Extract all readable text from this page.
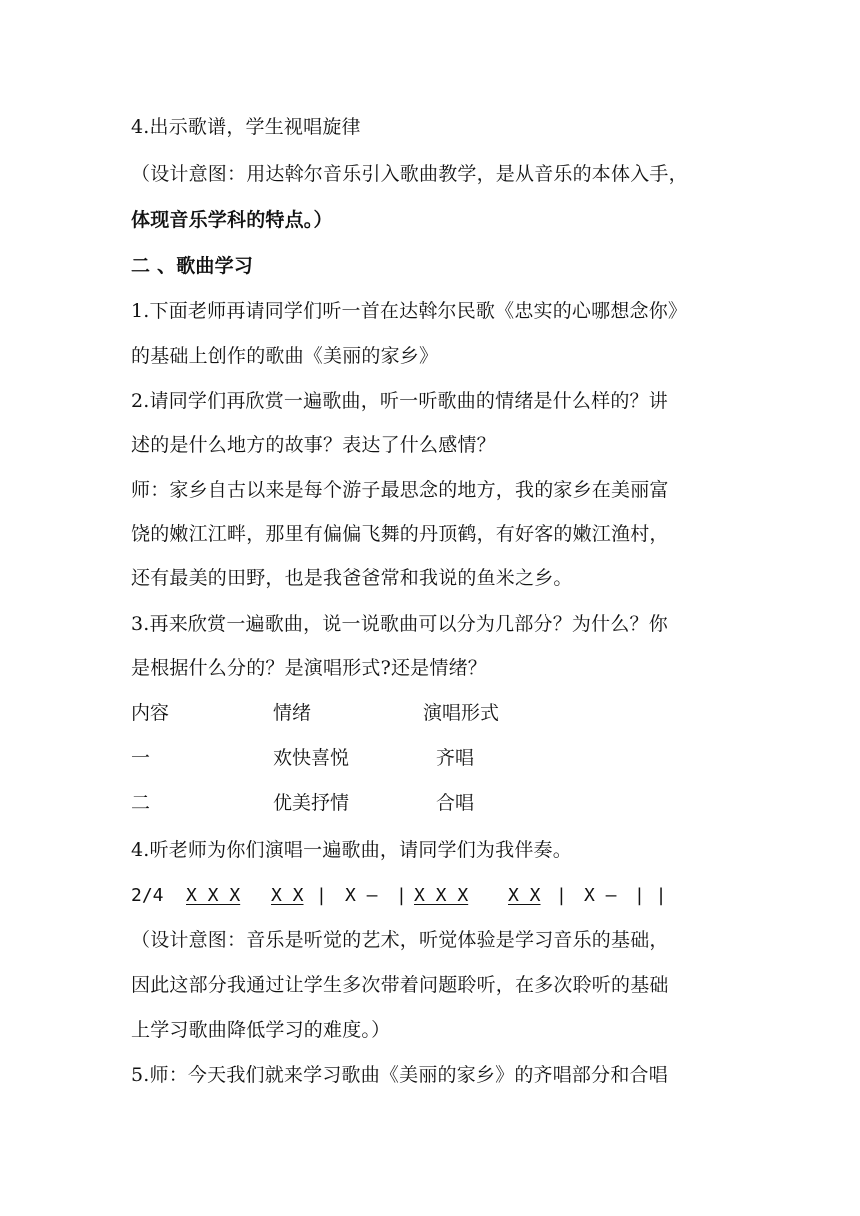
4.出示歌谱，学生视唱旋律
（设计意图：用达斡尔音乐引入歌曲教学，是从音乐的本体入手，
体现音乐学科的特点。）
二 、歌曲学习
1.下面老师再请同学们听一首在达斡尔民歌《忠实的心哪想念你》
的基础上创作的歌曲《美丽的家乡》
2.请同学们再欣赏一遍歌曲，听一听歌曲的情绪是什么样的？讲
述的是什么地方的故事？表达了什么感情？
师：家乡自古以来是每个游子最思念的地方，我的家乡在美丽富
饶的嫩江江畔，那里有偏偏飞舞的丹顶鹤，有好客的嫩江渔村，
还有最美的田野，也是我爸爸常和我说的鱼米之乡。
3.再来欣赏一遍歌曲，说一说歌曲可以分为几部分？为什么？你
是根据什么分的？是演唱形式?还是情绪？
内容	情绪	演唱形式
一	欢快喜悦	齐唱
二	优美抒情	合唱
4.听老师为你们演唱一遍歌曲，请同学们为我伴奏。
2/4 X X X X X | X — | X X X X X | X — | |
（设计意图：音乐是听觉的艺术，听觉体验是学习音乐的基础，
因此这部分我通过让学生多次带着问题聆听，在多次聆听的基础
上学习歌曲降低学习的难度。）
5.师：今天我们就来学习歌曲《美丽的家乡》的齐唱部分和合唱
